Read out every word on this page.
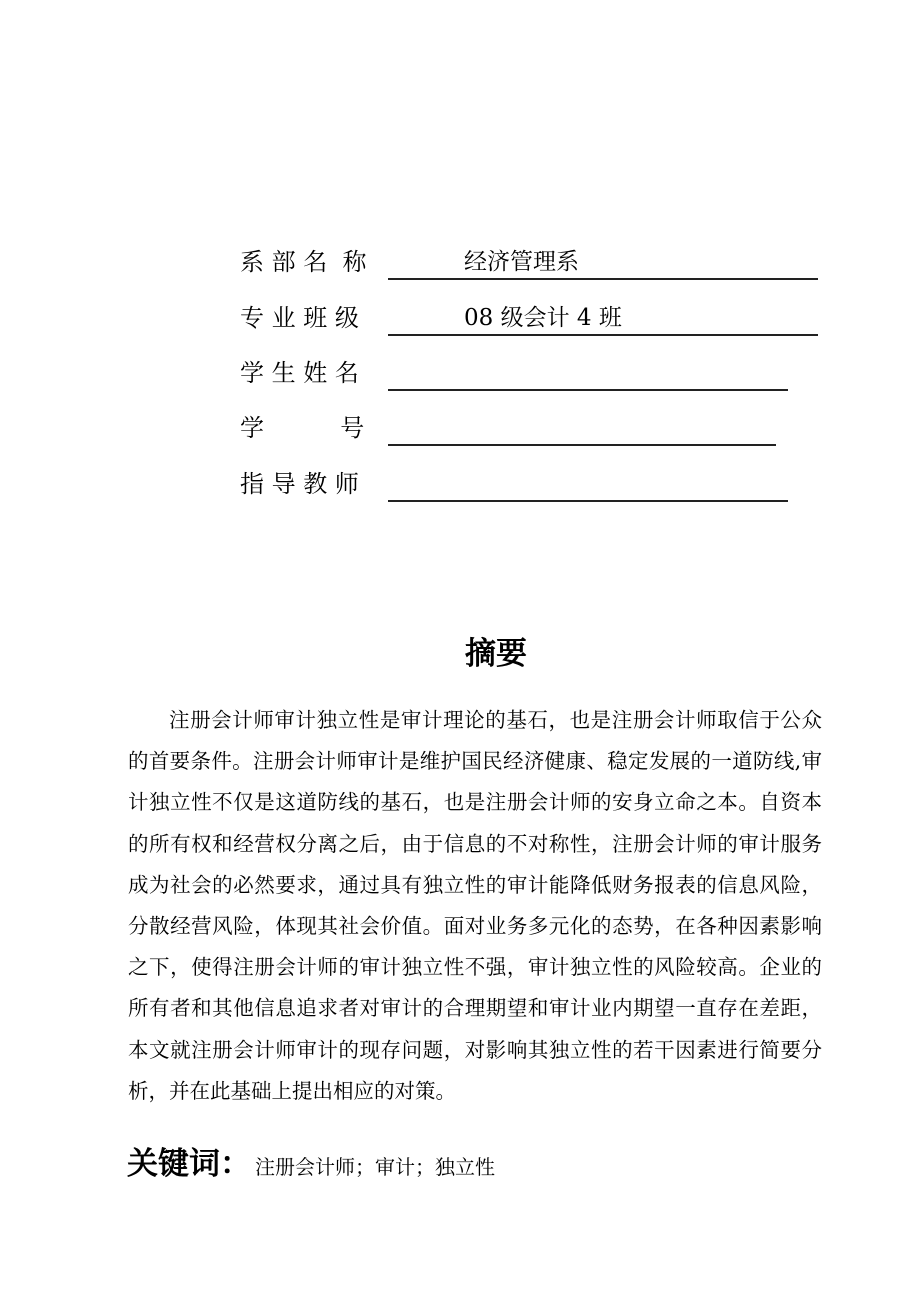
系 部 名  称	经济管理系
专 业 班 级	08 级会计 4 班
学 生 姓 名
学          号
指 导 教 师
摘要

注册会计师审计独立性是审计理论的基石，也是注册会计师取信于公众的首要条件。注册会计师审计是维护国民经济健康、稳定发展的一道防线,审计独立性不仅是这道防线的基石，也是注册会计师的安身立命之本。自资本的所有权和经营权分离之后，由于信息的不对称性，注册会计师的审计服务成为社会的必然要求，通过具有独立性的审计能降低财务报表的信息风险，分散经营风险，体现其社会价值。面对业务多元化的态势，在各种因素影响之下，使得注册会计师的审计独立性不强，审计独立性的风险较高。企业的所有者和其他信息追求者对审计的合理期望和审计业内期望一直存在差距，本文就注册会计师审计的现存问题，对影响其独立性的若干因素进行简要分析，并在此基础上提出相应的对策。

关键词： 注册会计师；审计；独立性
